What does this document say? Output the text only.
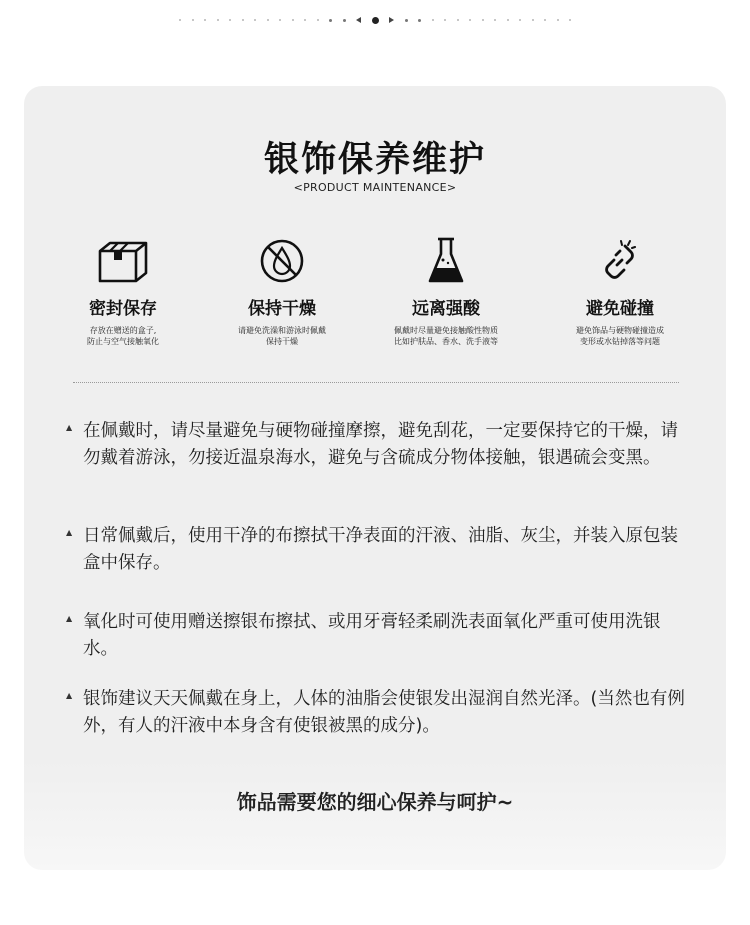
银饰保养维护
<PRODUCT MAINTENANCE>
密封保存
存放在赠送的盒子,
防止与空气接触氧化
保持干燥
请避免洗澡和游泳时佩戴
保持干燥
远离强酸
佩戴时尽量避免接触酸性物质
比如护肤品、香水、洗手液等
避免碰撞
避免饰品与硬物碰撞造成
变形或水钻掉落等问题
▲ 在佩戴时，请尽量避免与硬物碰撞摩擦，避免刮花，一定要保持它的干燥，请勿戴着游泳，勿接近温泉海水，避免与含硫成分物体接触，银遇硫会变黑。
▲ 日常佩戴后，使用干净的布擦拭干净表面的汗液、油脂、灰尘，并装入原包装盒中保存。
▲ 氧化时可使用赠送擦银布擦拭、或用牙膏轻柔刷洗表面氧化严重可使用洗银水。
▲ 银饰建议天天佩戴在身上，人体的油脂会使银发出湿润自然光泽。(当然也有例外，有人的汗液中本身含有使银被黑的成分)。
饰品需要您的细心保养与呵护~
